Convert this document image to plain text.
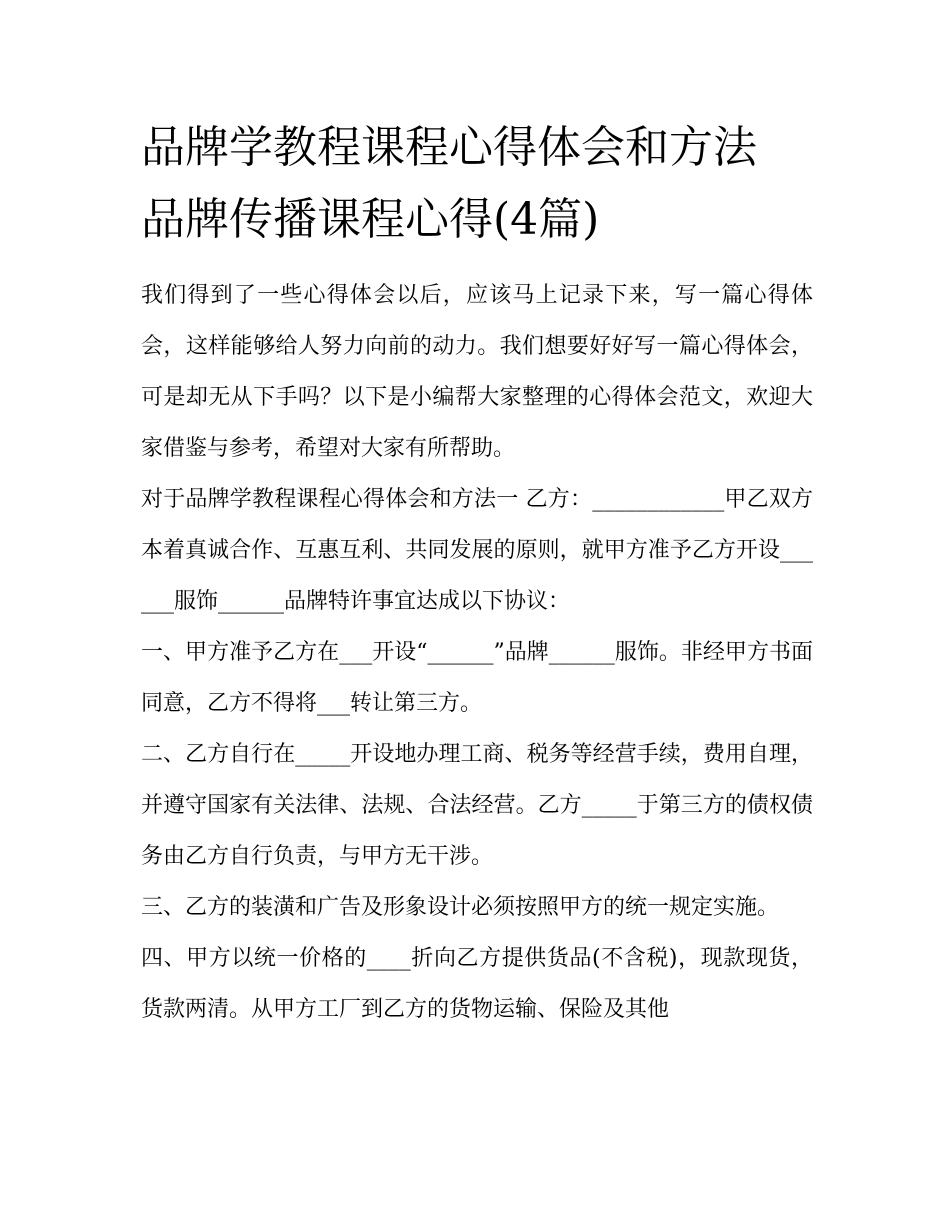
品牌学教程课程心得体会和方法 品牌传播课程心得(4篇)

我们得到了一些心得体会以后，应该马上记录下来，写一篇心得体会，这样能够给人努力向前的动力。我们想要好好写一篇心得体会，可是却无从下手吗？以下是小编帮大家整理的心得体会范文，欢迎大家借鉴与参考，希望对大家有所帮助。

对于品牌学教程课程心得体会和方法一 乙方：____________甲乙双方本着真诚合作、互惠互利、共同发展的原则，就甲方准予乙方开设______服饰______品牌特许事宜达成以下协议：

一、甲方准予乙方在___开设“______”品牌______服饰。非经甲方书面同意，乙方不得将___转让第三方。

二、乙方自行在_____开设地办理工商、税务等经营手续，费用自理，并遵守国家有关法律、法规、合法经营。乙方_____于第三方的债权债务由乙方自行负责，与甲方无干涉。

三、乙方的装潢和广告及形象设计必须按照甲方的统一规定实施。

四、甲方以统一价格的____折向乙方提供货品(不含税)，现款现货，货款两清。从甲方工厂到乙方的货物运输、保险及其他
